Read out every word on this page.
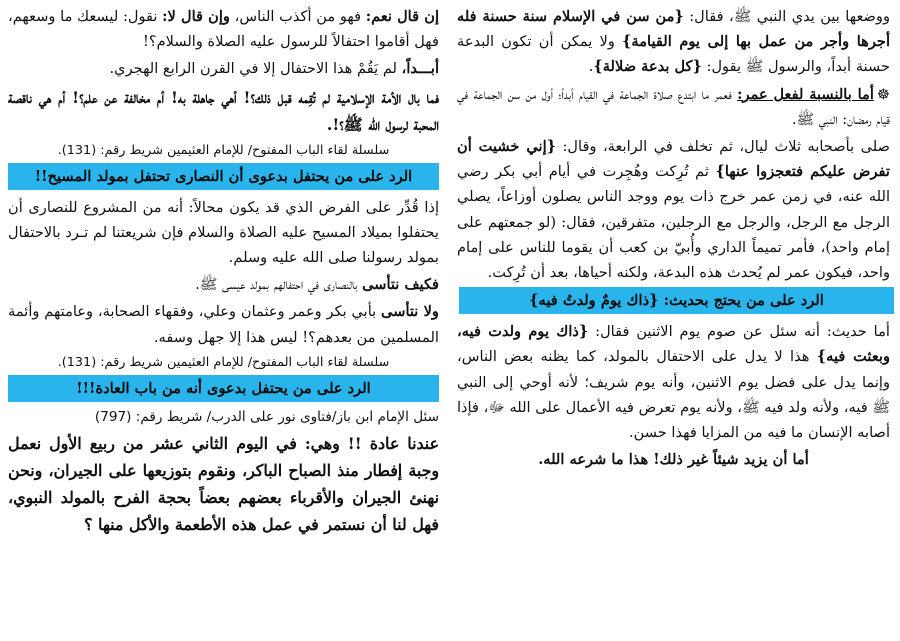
ووضعها بين يدي النبي ﷺ، فقال: {من سن في الإسلام سنة حسنة فله أجرها وأجر من عمل بها إلى يوم القيامة} ولا يمكن أن تكون البدعة حسنة أبداً، والرسول ﷺ يقول: {كل بدعة ضلالة}.

☸أما بالنسبة لفعل عمر: فعمر ما ابتدع صلاة الجماعة في القيام أبداً؛ أول من سن الجماعة في قيام رمضان: النبي ﷺ.

صلى بأصحابه ثلاث ليال، ثم تخلف في الرابعة، وقال: {إني خشيت أن تفرض عليكم فتعجزوا عنها} ثم تُرِكت وهُجِرت في أيام أبي بكر رضي الله عنه، في زمن عمر خرج ذات يوم ووجد الناس يصلون أوزاعاً، يصلي الرجل مع الرجل، والرجل مع الرجلين، متفرقين، فقال: (لو جمعتهم على إمام واحد)، فأمر تميماً الداري وأُبيّ بن كعب أن يقوما للناس على إمام واحد، فيكون عمر لم يُحدث هذه البدعة، ولكنه أحياها، بعد أن تُرِكت.

الرد على من يحتج بحديث: {ذاك يومٌ ولدتُ فيه}

أما حديث: أنه سئل عن صوم يوم الاثنين فقال: {ذاك يوم ولدت فيه، وبعثت فيه} هذا لا يدل على الاحتفال بالمولد، كما يظنه بعض الناس، وإنما يدل على فضل يوم الاثنين، وأنه يوم شريف؛ لأنه أوحي إلى النبي ﷺ فيه، ولأنه ولد فيه ﷺ، ولأنه يوم تعرض فيه الأعمال على الله ﷻ، فإذا أصابه الإنسان ما فيه من المزايا فهذا حسن.

أما أن يزيد شيئاً غير ذلك! هذا ما شرعه الله.

إن قال نعم: فهو من أكذب الناس، وإن قال لا: نقول: ليسعك ما وسعهم، فهل أقاموا احتفالاً للرسول عليه الصلاة والسلام؟!

أبـــداً، لم يَقُمْ هذا الاحتفال إلا في القرن الرابع الهجري.

فما بال الأمة الإسلامية لم تُقِمه قبل ذلك؟! أهي جاهلة به! أم مخالفة عن علم؟! أم هي ناقصة المحبة لرسول الله ﷺ؟!.

سلسلة لقاء الباب المفتوح/ للإمام العثيمين شريط رقم: (131).

الرد على من يحتفل بدعوى أن النصارى تحتفل بمولد المسيح!!

إذا قُدِّر على الفرض الذي قد يكون محالاً: أنه من المشروع للنصارى أن يحتفلوا بميلاد المسيح عليه الصلاة والسلام فإن شريعتنا لم تـرد بالاحتفال بمولد رسولنا صلى الله عليه وسلم.

فكيف نتأسى بالنصارى في احتفالهم بمولد عيسى ﷺ.

ولا نتأسى بأبي بكر وعمر وعثمان وعلي، وفقهاء الصحابة، وعامتهم وأئمة المسلمين من بعدهم؟! ليس هذا إلا جهل وسفه.

سلسلة لقاء الباب المفتوح/ للإمام العثيمين شريط رقم: (131).

الرد على من يحتفل بدعوى أنه من باب العادة!!!

سئل الإمام ابن باز/فتاوى نور على الدرب/ شريط رقم: (797)

عندنا عادة !! وهي: في اليوم الثاني عشر من ربيع الأول نعمل وجبة إفطار منذ الصباح الباكر، ونقوم بتوزيعها على الجيران، ونحن نهنئ الجيران والأقرباء بعضهم بعضاً بحجة الفرح بالمولد النبوي، فهل لنا أن نستمر في عمل هذه الأطعمة والأكل منها ؟
